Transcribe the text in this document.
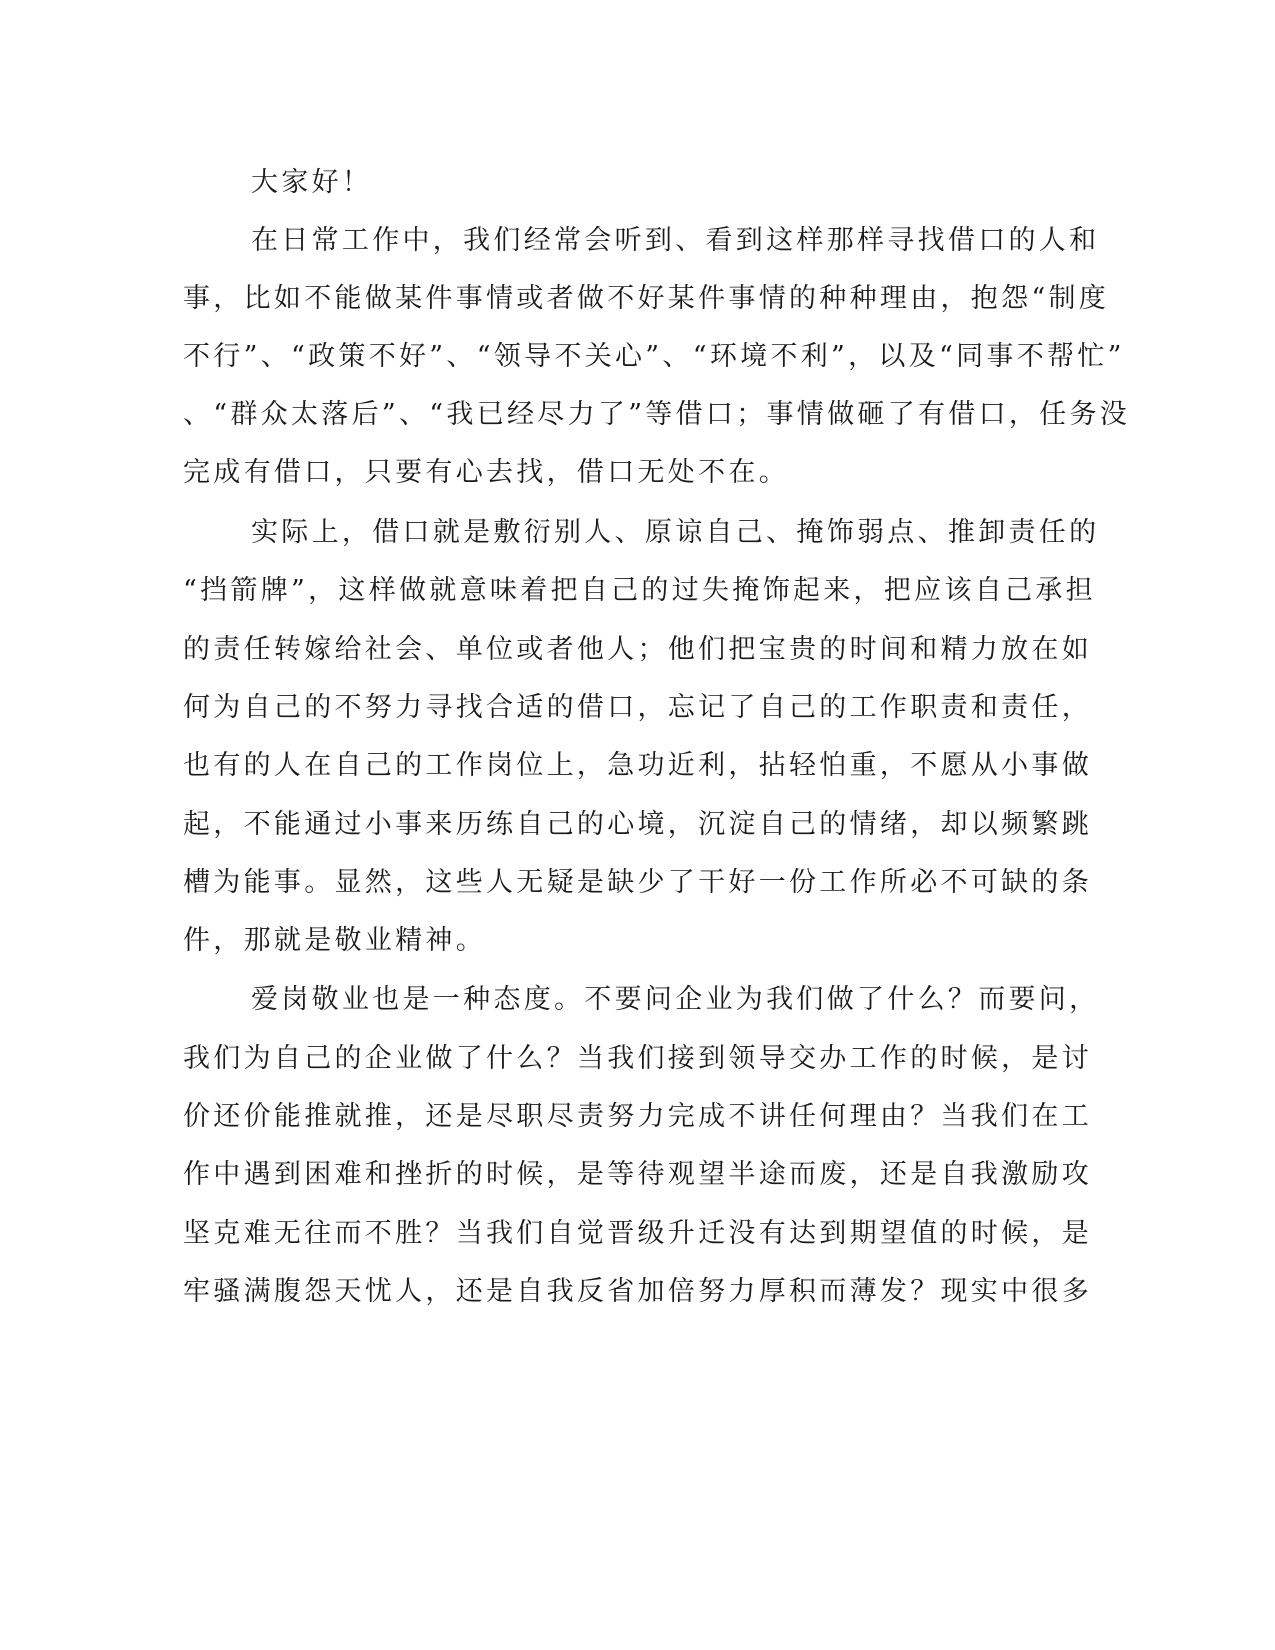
大家好！
在日常工作中，我们经常会听到、看到这样那样寻找借口的人和
事，比如不能做某件事情或者做不好某件事情的种种理由，抱怨“制度
不行”、“政策不好”、“领导不关心”、“环境不利”，以及“同事不帮忙”
、“群众太落后”、“我已经尽力了”等借口；事情做砸了有借口，任务没
完成有借口，只要有心去找，借口无处不在。
实际上，借口就是敷衍别人、原谅自己、掩饰弱点、推卸责任的
“挡箭牌”，这样做就意味着把自己的过失掩饰起来，把应该自己承担
的责任转嫁给社会、单位或者他人；他们把宝贵的时间和精力放在如
何为自己的不努力寻找合适的借口，忘记了自己的工作职责和责任，
也有的人在自己的工作岗位上，急功近利，拈轻怕重，不愿从小事做
起，不能通过小事来历练自己的心境，沉淀自己的情绪，却以频繁跳
槽为能事。显然，这些人无疑是缺少了干好一份工作所必不可缺的条
件，那就是敬业精神。
爱岗敬业也是一种态度。不要问企业为我们做了什么？而要问，
我们为自己的企业做了什么？当我们接到领导交办工作的时候，是讨
价还价能推就推，还是尽职尽责努力完成不讲任何理由？当我们在工
作中遇到困难和挫折的时候，是等待观望半途而废，还是自我激励攻
坚克难无往而不胜？当我们自觉晋级升迁没有达到期望值的时候，是
牢骚满腹怨天忧人，还是自我反省加倍努力厚积而薄发？现实中很多
